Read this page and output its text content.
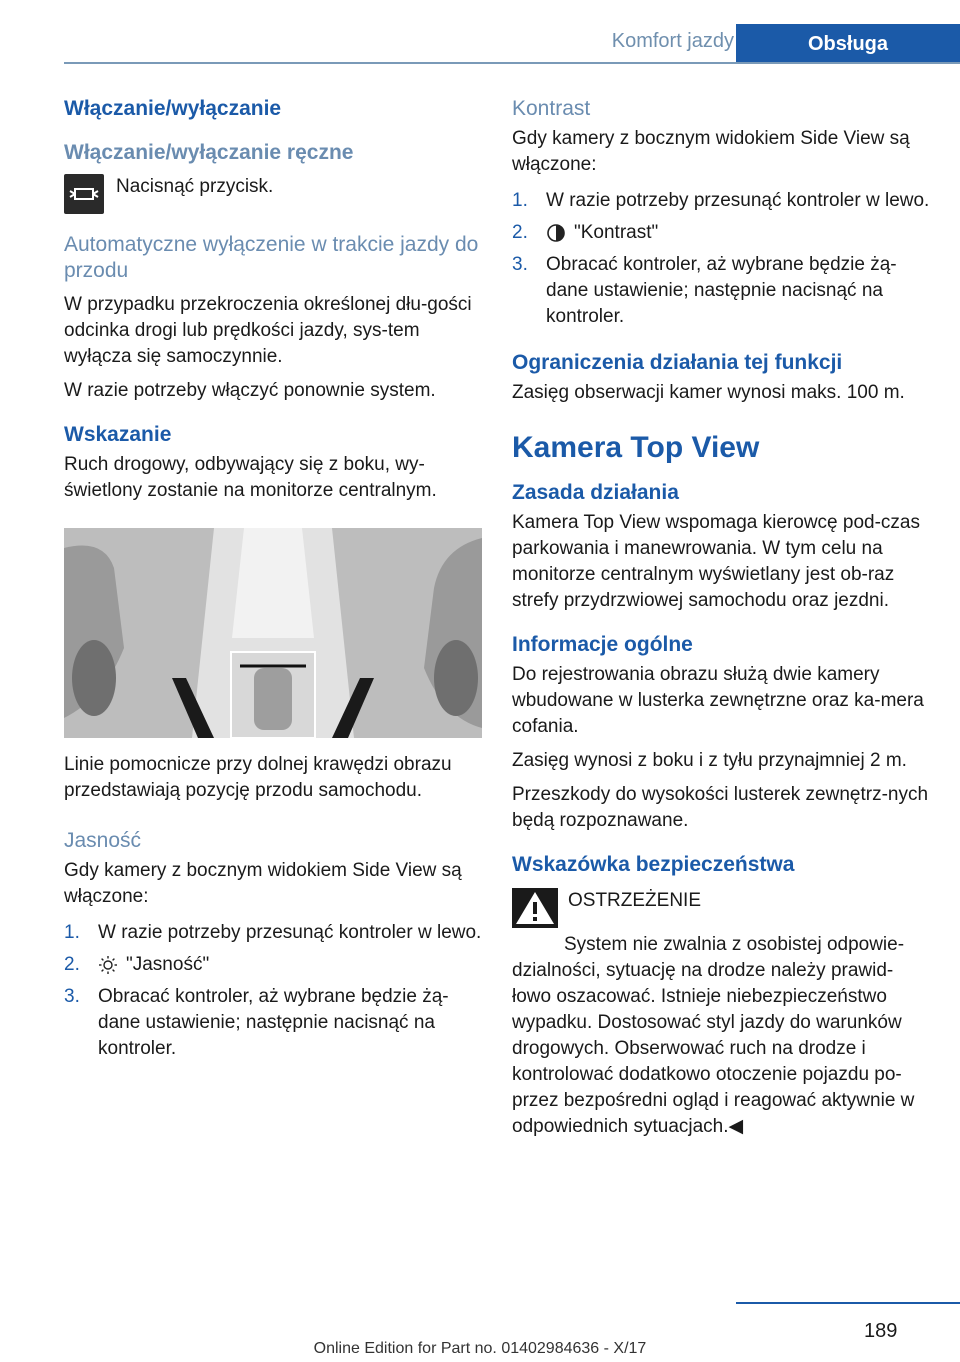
Komfort jazdy	Obsługa
Włączanie/wyłączanie
Włączanie/wyłączanie ręczne

Nacisnąć przycisk.

Automatyczne wyłączenie w trakcie jazdy do przodu

W przypadku przekroczenia określonej dłu-gości odcinka drogi lub prędkości jazdy, sys-tem wyłącza się samoczynnie.

W razie potrzeby włączyć ponownie system.

Wskazanie

Ruch drogowy, odbywający się z boku, wy-świetlony zostanie na monitorze centralnym.

Linie pomocnicze przy dolnej krawędzi obrazu przedstawiają pozycję przodu samochodu.

Jasność

Gdy kamery z bocznym widokiem Side View są włączone:

1. W razie potrzeby przesunąć kontroler w lewo.
2.	"Jasność"
3. Obracać kontroler, aż wybrane będzie żą-dane ustawienie; następnie nacisnąć na kontroler.
Kontrast

Gdy kamery z bocznym widokiem Side View są włączone:

1. W razie potrzeby przesunąć kontroler w lewo.
2.	"Kontrast"
3. Obracać kontroler, aż wybrane będzie żą-dane ustawienie; następnie nacisnąć na kontroler.
Ograniczenia działania tej funkcji

Zasięg obserwacji kamer wynosi maks. 100 m.

Kamera Top View
Zasada działania

Kamera Top View wspomaga kierowcę pod-czas parkowania i manewrowania. W tym celu na monitorze centralnym wyświetlany jest ob-raz strefy przydrzwiowej samochodu oraz jezdni.

Informacje ogólne

Do rejestrowania obrazu służą dwie kamery wbudowane w lusterka zewnętrzne oraz ka-mera cofania.

Zasięg wynosi z boku i z tyłu przynajmniej 2 m.

Przeszkody do wysokości lusterek zewnętrz-nych będą rozpoznawane.

Wskazówka bezpieczeństwa

OSTRZEŻENIE

System nie zwalnia z osobistej odpowie-dzialności, sytuację na drodze należy prawid-łowo oszacować. Istnieje niebezpieczeństwo wypadku. Dostosować styl jazdy do warunków drogowych. Obserwować ruch na drodze i kontrolować dodatkowo otoczenie pojazdu po-przez bezpośredni ogląd i reagować aktywnie w odpowiednich sytuacjach.◀

189
Online Edition for Part no. 01402984636 - X/17
